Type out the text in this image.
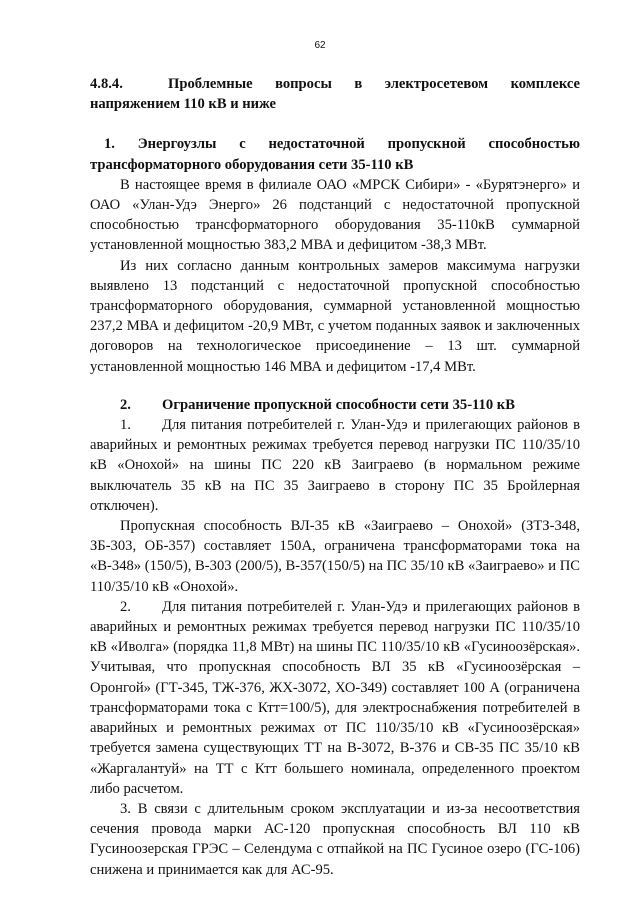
62
4.8.4.	Проблемные вопросы в электросетевом комплексе напряжением 110 кВ и ниже
1. Энергоузлы с недостаточной пропускной способностью трансформаторного оборудования сети 35-110 кВ

В настоящее время в филиале ОАО «МРСК Сибири» - «Бурятэнерго» и ОАО «Улан-Удэ Энерго» 26 подстанций с недостаточной пропускной способностью трансформаторного оборудования 35-110кВ суммарной установленной мощностью 383,2 МВА и дефицитом -38,3 МВт.

Из них согласно данным контрольных замеров максимума нагрузки выявлено 13 подстанций с недостаточной пропускной способностью трансформаторного оборудования, суммарной установленной мощностью 237,2 МВА и дефицитом -20,9 МВт, с учетом поданных заявок и заключенных договоров на технологическое присоединение – 13 шт. суммарной установленной мощностью 146 МВА и дефицитом -17,4 МВт.

2. Ограничение пропускной способности сети 35-110 кВ

1. Для питания потребителей г. Улан-Удэ и прилегающих районов в аварийных и ремонтных режимах требуется перевод нагрузки ПС 110/35/10 кВ «Онохой» на шины ПС 220 кВ Заиграево (в нормальном режиме выключатель 35 кВ на ПС 35 Заиграево в сторону ПС 35 Бройлерная отключен).

Пропускная способность ВЛ-35 кВ «Заиграево – Онохой» (ЗТЗ-348, ЗБ-303, ОБ-357) составляет 150А, ограничена трансформаторами тока на «В-348» (150/5), В-303 (200/5), В-357(150/5) на ПС 35/10 кВ «Заиграево» и ПС 110/35/10 кВ «Онохой».

2. Для питания потребителей г. Улан-Удэ и прилегающих районов в аварийных и ремонтных режимах требуется перевод нагрузки ПС 110/35/10 кВ «Иволга» (порядка 11,8 МВт) на шины ПС 110/35/10 кВ «Гусиноозёрская». Учитывая, что пропускная способность ВЛ 35 кВ «Гусиноозёрская – Оронгой» (ГТ-345, ТЖ-376, ЖХ-3072, ХО-349) составляет 100 А (ограничена трансформаторами тока с Ктт=100/5), для электроснабжения потребителей в аварийных и ремонтных режимах от ПС 110/35/10 кВ «Гусиноозёрская» требуется замена существующих ТТ на В-3072, В-376 и СВ-35 ПС 35/10 кВ «Жаргалантуй» на ТТ с Ктт большего номинала, определенного проектом либо расчетом.

3. В связи с длительным сроком эксплуатации и из-за несоответствия сечения провода марки АС-120 пропускная способность ВЛ 110 кВ Гусиноозерская ГРЭС – Селендума с отпайкой на ПС Гусиное озеро (ГС-106) снижена и принимается как для АС-95.
